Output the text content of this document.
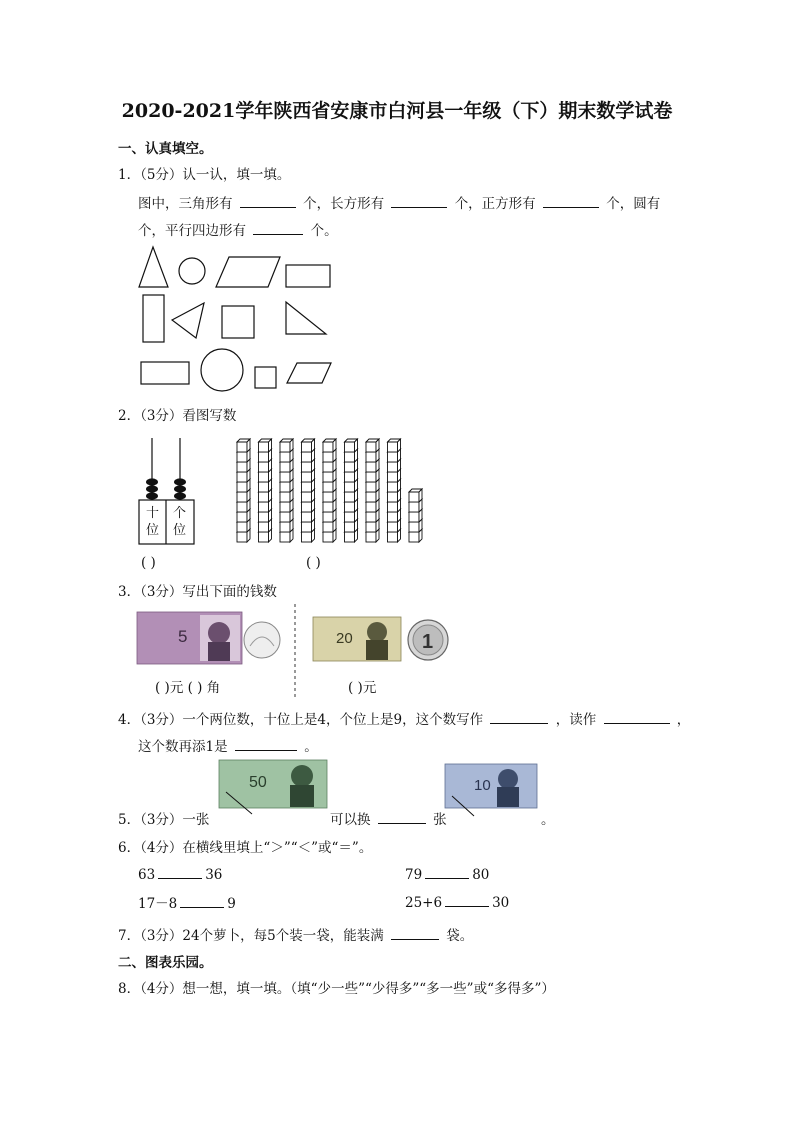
2020-2021学年陕西省安康市白河县一年级（下）期末数学试卷
一、认真填空。
1．（5分）认一认，填一填。
图中，三角形有	个，长方形有	个，正方形有	个，圆有
个，平行四边形有	个。
2．（3分）看图写数
十位
个位
( )	( )
3．（3分）写出下面的钱数
5	20	1
( )元 ( ) 角	( )元
4．（3分）一个两位数，十位上是4，个位上是9，这个数写作	，读作	，
这个数再添1是	。
50	10
5．（3分）一张	可以换	张	。
6．（4分）在横线里填上“＞”“＜”或“＝”。
63	36	79	80
17－8	9	25+6	30
7．（3分）24个萝卜，每5个装一袋，能装满	袋。
二、图表乐园。
8．（4分）想一想，填一填。（填“少一些”“少得多”“多一些”或“多得多”）
